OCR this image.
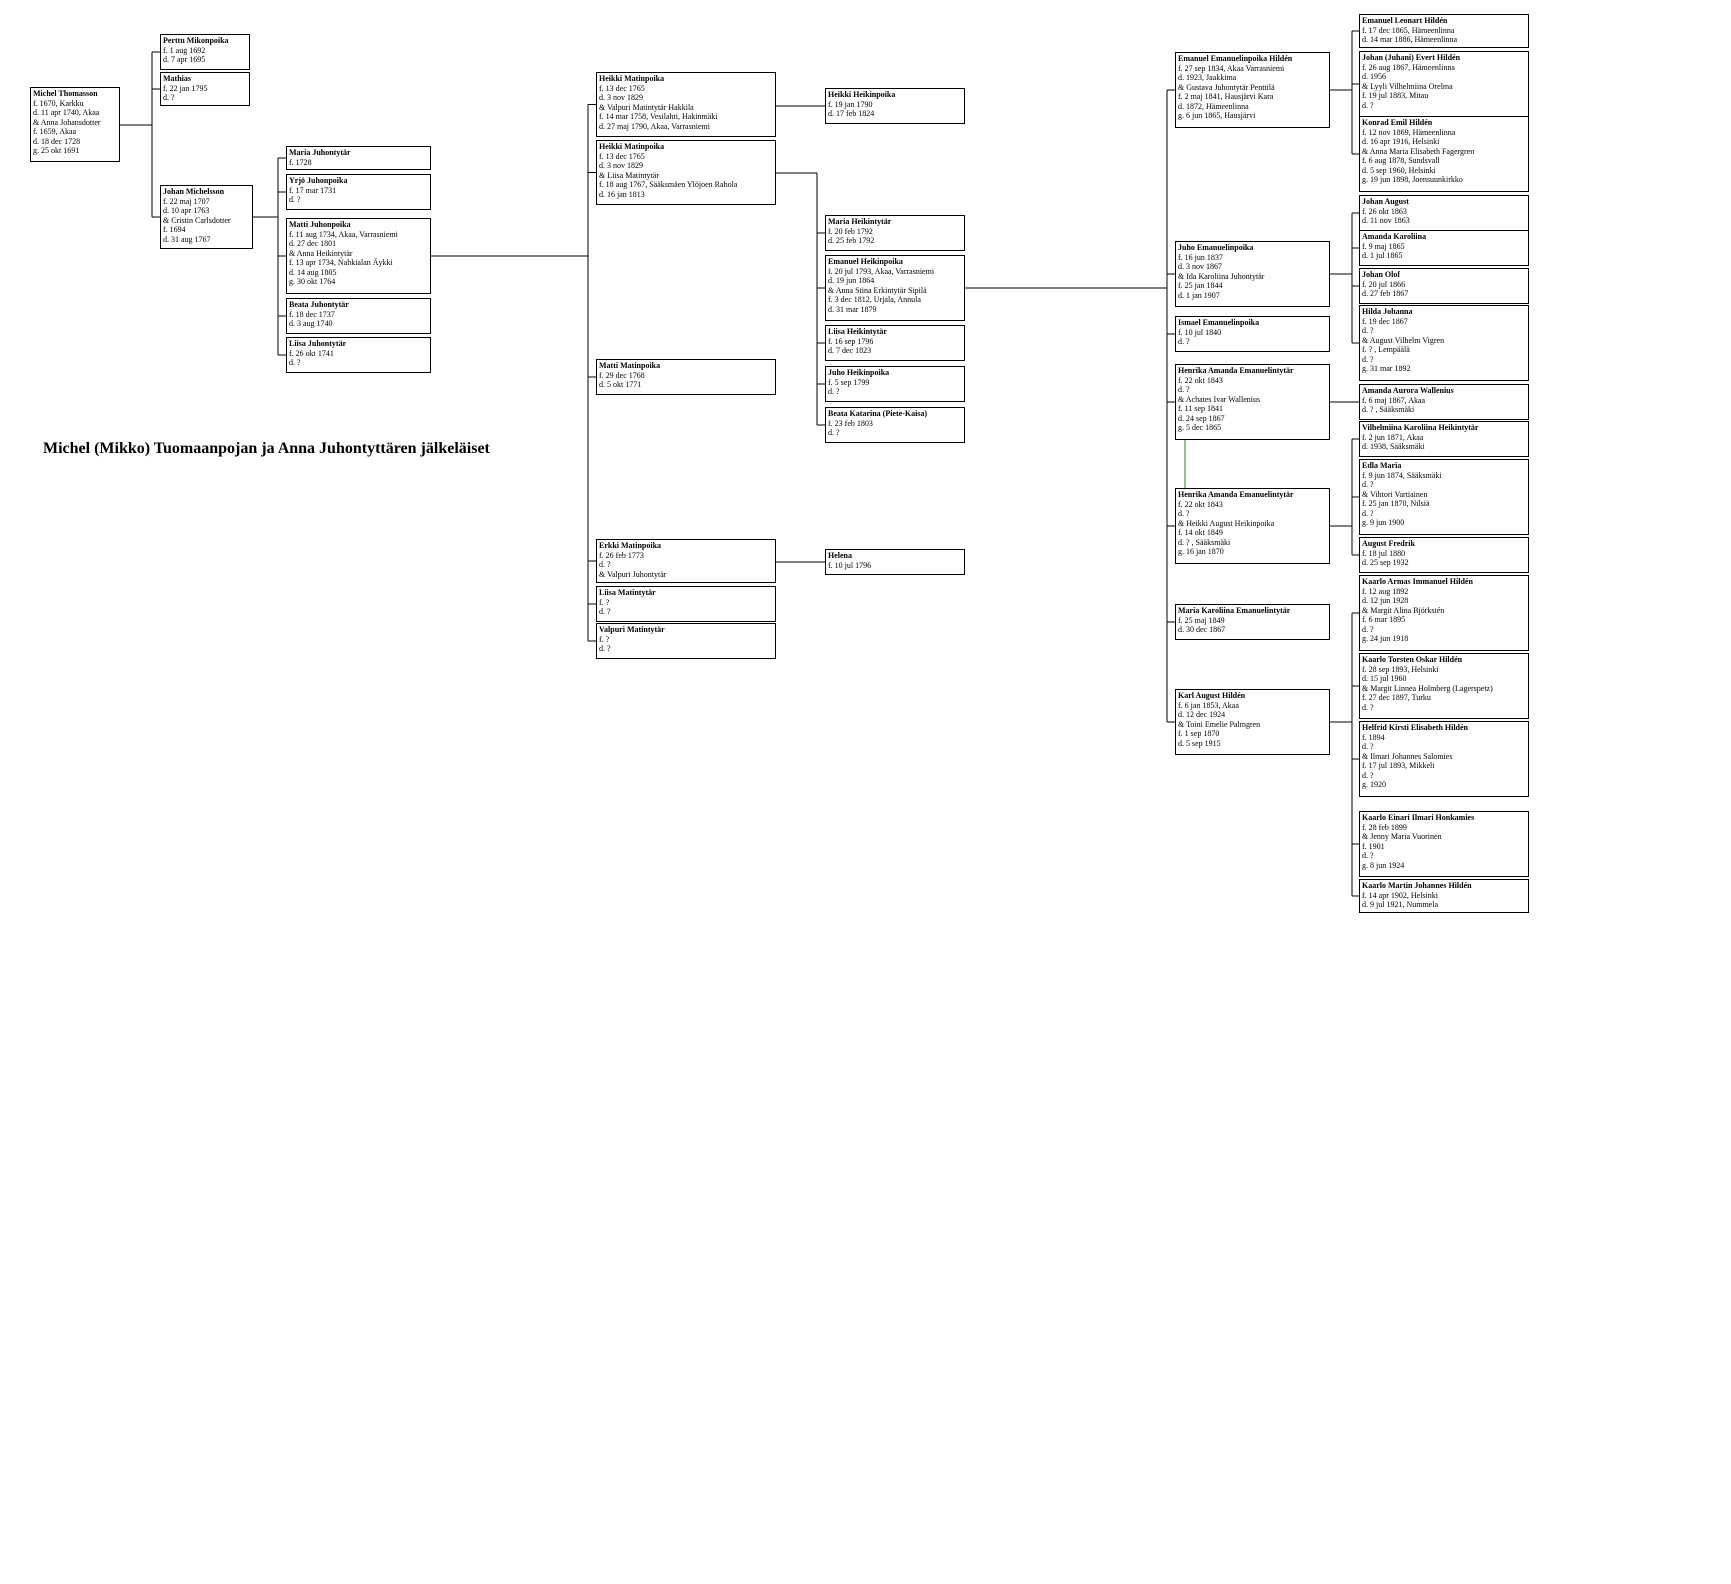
Michel (Mikko) Tuomaanpojan ja Anna Juhontyttären jälkeläiset
Michel Thomasson
f. 1670, Karkku
d. 11 apr 1740, Akaa
& Anna Johansdotter
f. 1659, Akaa
d. 18 dec 1728
g. 25 okt 1691
Perttu Mikonpoika
f. 1 aug 1692
d. 7 apr 1695
Mathias
f. 22 jan 1795
d. ?
Johan Michelsson
f. 22 maj 1707
d. 10 apr 1763
& Cristin Carlsdotter
f. 1694
d. 31 aug 1767
Maria Juhontytär
f. 1728
Yrjö Juhonpoika
f. 17 mar 1731
d. ?
Matti Juhonpoika
f. 11 aug 1734, Akaa, Varrasniemi
d. 27 dec 1801
& Anna Heikintytär
f. 13 apr 1734, Nahkialan Äykki
d. 14 aug 1805
g. 30 okt 1764
Beata Juhontytär
f. 18 dec 1737
d. 3 aug 1740
Liisa Juhontytär
f. 26 okt 1741
d. ?
Heikki Matinpoika
f. 13 dec 1765
d. 3 nov 1829
& Valpuri Matintytär Hakkila
f. 14 mar 1758, Vesilahti, Hakinmäki
d. 27 maj 1790, Akaa, Varrasniemi
Heikki Matinpoika
f. 13 dec 1765
d. 3 nov 1829
& Liisa Matintytär
f. 18 aug 1767, Sääksmäen Ylöjoen Rahola
d. 16 jan 1813
Matti Matinpoika
f. 29 dec 1768
d. 5 okt 1771
Erkki Matinpoika
f. 26 feb 1773
d. ?
& Valpuri Juhontytär
Liisa Matintytär
f. ?
d. ?
Valpuri Matintytär
f. ?
d. ?
Heikki Heikinpoika
f. 19 jan 1790
d. 17 feb 1824
Maria Heikintytär
f. 20 feb 1792
d. 25 feb 1792
Emanuel Heikinpoika
f. 20 jul 1793, Akaa, Varrasniemi
d. 19 jun 1864
& Anna Stina Erkintytär Sipilä
f. 3 dec 1812, Urjala, Annula
d. 31 mar 1879
Liisa Heikintytär
f. 16 sep 1796
d. 7 dec 1823
Juho Heikinpoika
f. 5 sep 1799
d. ?
Beata Katarina (Piete-Kaisa)
f. 23 feb 1803
d. ?
Helena
f. 10 jul 1796
Emanuel Emanuelinpoika Hildén
f. 27 sep 1834, Akaa Varrasniemi
d. 1923, Jaakkima
& Gustava Juhontytär Penttilä
f. 2 maj 1841, Hausjärvi Kara
d. 1872, Hämeenlinna
g. 6 jun 1865, Hausjärvi
Juho Emanuelinpoika
f. 16 jun 1837
d. 3 nov 1867
& Ida Karoliina Juhontytär
f. 25 jan 1844
d. 1 jan 1907
Ismael Emanuelinpoika
f. 10 jul 1840
d. ?
Henrika Amanda Emanuelintytär
f. 22 okt 1843
d. ?
& Achates Ivar Wallenius
f. 11 sep 1841
d. 24 sep 1867
g. 5 dec 1865
Henrika Amanda Emanuelintytär
f. 22 okt 1843
d. ?
& Heikki August Heikinpoika
f. 14 okt 1849
d. ? , Sääksmäki
g. 16 jan 1870
Maria Karoliina Emanuelintytär
f. 25 maj 1849
d. 30 dec 1867
Karl August Hildén
f. 6 jan 1853, Akaa
d. 12 dec 1924
& Toini Emelie Palmgren
f. 1 sep 1870
d. 5 sep 1915
Emanuel Leonart Hildén
f. 17 dec 1865, Hämeenlinna
d. 14 mar 1886, Hämeenlinna
Johan (Juhani) Evert Hildén
f. 26 aug 1867, Hämeenlinna
d. 1956
& Lyyli Vilhelmiina Orelma
f. 19 jul 1883, Mitau
d. ?
Konrad Emil Hildén
f. 12 nov 1869, Hämeenlinna
d. 16 apr 1916, Helsinki
& Anna Maria Elisabeth Fagergren
f. 6 aug 1878, Sundsvall
d. 5 sep 1960, Helsinki
g. 19 jun 1898, Joensuunkirkko
Johan August
f. 26 okt 1863
d. 11 nov 1863
Amanda Karoliina
f. 9 maj 1865
d. 1 jul 1865
Johan Olof
f. 20 jul 1866
d. 27 feb 1867
Hilda Johanna
f. 19 dec 1867
d. ?
& August Vilhelm Vigren
f. ? , Lempäälä
d. ?
g. 31 mar 1892
Amanda Aurora Wallenius
f. 6 maj 1867, Akaa
d. ? , Sääksmäki
Vilhelmiina Karoliina Heikintytär
f. 2 jun 1871, Akaa
d. 1938, Sääksmäki
Edla Maria
f. 9 jun 1874, Sääksmäki
d. ?
& Vihtori Vartiainen
f. 25 jan 1870, Nilsiä
d. ?
g. 9 jun 1900
August Fredrik
f. 18 jul 1880
d. 25 sep 1932
Kaarlo Armas Immanuel Hildén
f. 12 aug 1892
d. 12 jun 1928
& Margit Alina Björkstén
f. 6 mar 1895
d. ?
g. 24 jun 1918
Kaarlo Torsten Oskar Hildén
f. 28 sep 1893, Helsinki
d. 15 jul 1960
& Margit Linnea Holmberg (Lagerspetz)
f. 27 dec 1897, Turku
d. ?
Helfrid Kirsti Elisabeth Hildén
f. 1894
d. ?
& Ilmari Johannes Salomies
f. 17 jul 1893, Mikkeli
d. ?
g. 1920
Kaarlo Einari Ilmari Honkamies
f. 28 feb 1899
& Jenny Maria Vuorinen
f. 1901
d. ?
g. 8 jun 1924
Kaarlo Martin Johannes Hildén
f. 14 apr 1902, Helsinki
d. 9 jul 1921, Nummela
